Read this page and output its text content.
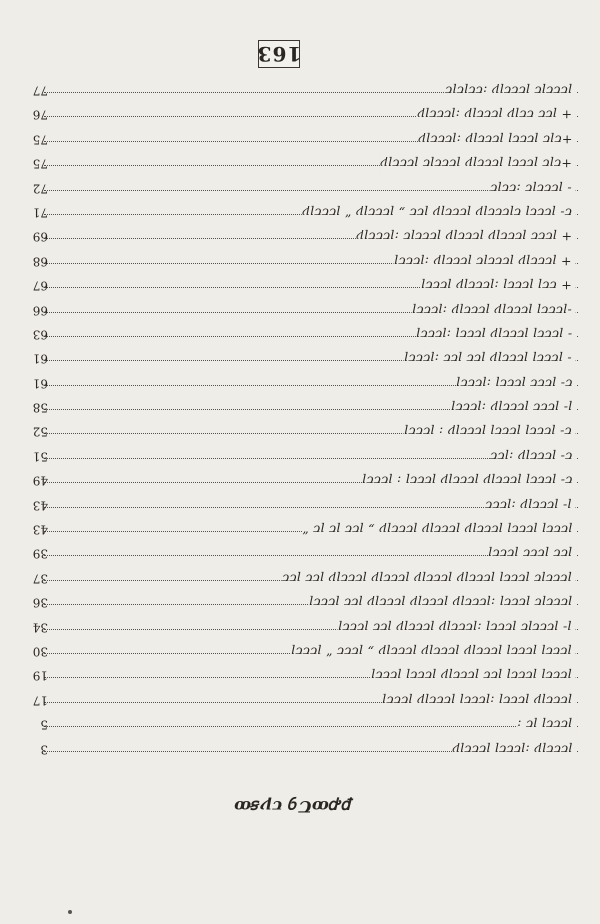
163
77	ꞁꞇꞇꞇꞁꞇ ꞁꞇꞇꞇꞁꝩ :ꞇꞇꞁꞇꞁꞇ
76	+ ꞁꞇꞇ ꞇꞇꞁꝩ ꞁꞇꞇꞇꞁꝩ :ꞁꞇꞇꞇꞁꝩ
75	+ꞇꞁꞇ ꞁꞇꞇꞇꞁ ꞁꞇꞇꞇꞁꝩ :ꞁꞇꞇꞇꞁꝩ
75	+ꞇꞁꞇ ꞁꞇꞇꞇꞁ ꞁꞇꞇꞇꞁꝩ ꞁꞇꞇꞇꞁꞇ ꞁꞇꞇꞇꞁꝩ
72	- ꞁꞇꞇꞇꞁꞇ :ꞇꞇꞁꞇ
71	ꞇ- ꞁꞇꞇꞇꞁ ꞇꞁꞇꞇꞇꞁꝩ ꞁꞇꞇꞇꞁꝩ ꞁꞇꞇ „ ꞁꞇꞇꞇꞁꝩ “ ꞁꞇꞇꞇꞁꝩ
69	+ ꞁꞇꞇꞇ ꞁꞇꞇꞇꞁꝩ ꞁꞇꞇꞇꞁꝩ ꞁꞇꞇꞇꞁꞇ :ꞁꞇꞇꞇꞁꝩ
68	+ ꞁꞇꞇꞇꞁꝩ ꞁꞇꞇꞇꞁꞇ ꞁꞇꞇꞇꞁꝩ :ꞁꞇꞇꞇꞁ
67	+ ꞇꞇꞁ ꞁꞇꞇꞇꞁ :ꞁꞇꞇꞇꞁꝩ ꞁꞇꞇꞇꞁ
66	-ꞁꞇꞇꞇꞁ ꞁꞇꞇꞇꞁꝩ ꞁꞇꞇꞇꞁꝩ :ꞁꞇꞇꞇꞁ
63	- ꞁꞇꞇꞇꞁ ꞁꞇꞇꞇꞁꝩ ꞁꞇꞇꞇꞁ :ꞁꞇꞇꞇꞁ
61	- ꞁꞇꞇꞇꞁ ꞁꞇꞇꞇꞁꝩ ꞁꞇꞇ ꞁꞇꞇ :ꞁꞇꞇꞇꞁ
61	ꞇ- ꞁꞇꞇꞇ ꞁꞇꞇꞇꞁ :ꞁꞇꞇꞇꞁ
58	ꞁ- ꞁꞇꞇꞇ ꞁꞇꞇꞇꞁꝩ :ꞁꞇꞇꞇꞁ
52	ꞇ- ꞁꞇꞇꞇꞁ ꞁꞇꞇꞇꞁ ꞁꞇꞇꞇꞁꝩ : ꞁꞇꞇꞇꞁ
51	ꞇ- ꞁꞇꞇꞇꞁꝩ :ꞁꞇꞇ
49	ꞇ- ꞁꞇꞇꞇꞁ ꞁꞇꞇꞇꞁꝩ ꞁꞇꞇꞇꞁꝩ ꞁꞇꞇꞇꞁ : ꞁꞇꞇꞇꞁ
43	ꞁ- ꞁꞇꞇꞇꞁꝩ :ꞁꞇꞇꞇ
43	ꞁꞇꞇꞇꞁ ꞁꞇꞇꞇꞁ ꞁꞇꞇꞇꞁꝩ ꞁꞇꞇꞇꞁꝩ ꞁꞇꞇꞇꞁꝩ „ ꞁꞇꞇ ꞁꞇ ꞁꞇ “
39	ꞁꞇꞇ ꞁꞇꞇꞇ ꞁꞇꞇꞇꞁ
37	ꞁꞇꞇꞇꞁꞇ ꞁꞇꞇꞇꞁ ꞁꞇꞇꞇꞁꝩ ꞁꞇꞇꞇꞁꝩ ꞁꞇꞇꞇꞁꝩ ꞁꞇꞇꞇꞁꝩ ꞁꞇꞇ ꞁꞇꞇ
36	ꞁꞇꞇꞇꞁꞇ ꞁꞇꞇꞇꞁ :ꞁꞇꞇꞇꞁꝩ ꞁꞇꞇꞇꞁꝩ ꞁꞇꞇꞇꞁꝩ ꞁꞇꞇ ꞁꞇꞇꞇꞁ
34	ꞁ- ꞁꞇꞇꞇꞁꞇ ꞁꞇꞇꞇꞁ :ꞁꞇꞇꞇꞁꝩ ꞁꞇꞇꞇꞁꝩ ꞁꞇꞇ ꞁꞇꞇꞇꞁ
30	ꞁꞇꞇꞇꞁ ꞁꞇꞇꞇꞁ ꞁꞇꞇꞇꞁꝩ ꞁꞇꞇꞇꞁꝩ ꞁꞇꞇꞇꞁꝩ „ ꞁꞇꞇꞇ “ ꞁꞇꞇꞇꞁ
19	ꞁꞇꞇꞇꞁ ꞁꞇꞇꞇꞁ ꞁꞇꞇ ꞁꞇꞇꞇꞁꝩ ꞁꞇꞇꞇꞁ ꞁꞇꞇꞇꞁ
17	ꞁꞇꞇꞇꞁꝩ ꞁꞇꞇꞇꞁ :ꞁꞇꞇꞇꞁ ꞁꞇꞇꞇꞁꝩ ꞁꞇꞇꞇꞁ
5	ꞁꞇꞇꞇꞁ ꞁꞇ :
3	ꞁꞇꞇꞇꞁꝩ :ꞁꞇꞇꞇꞁ ꞁꞇꞇꞇꞁꝩ
ꝑꝓꝏꞆꝯ ꞇꝩꞩꝏ
